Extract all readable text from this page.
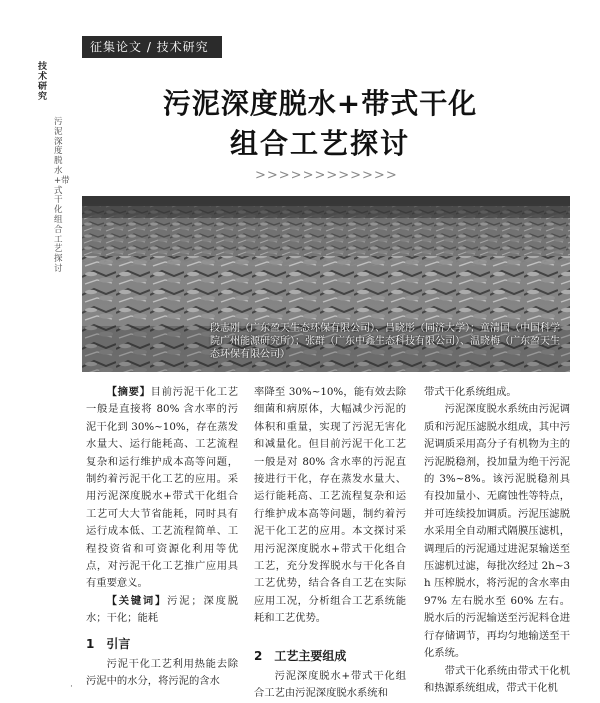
征集论文 / 技术研究
技术研究
污泥深度脱水+带式干化组合工艺探讨
污泥深度脱水+带式干化
组合工艺探讨
>>>>>>>>>>>>
段志刚（广东盈天生态环保有限公司）、吕晓彤（同济大学）；童清国（中国科学院广州能源研究所）；张群（广东中鑫生态科技有限公司）、温晓梅（广东盈天生态环保有限公司）

【摘要】目前污泥干化工艺一般是直接将 80% 含水率的污泥干化到 30%~10%，存在蒸发水量大、运行能耗高、工艺流程复杂和运行维护成本高等问题，制约着污泥干化工艺的应用。采用污泥深度脱水+带式干化组合工艺可大大节省能耗，同时具有运行成本低、工艺流程简单、工程投资省和可资源化利用等优点，对污泥干化工艺推广应用具有重要意义。

【关键词】污泥；深度脱水；干化；能耗

1　引言

污泥干化工艺利用热能去除污泥中的水分，将污泥的含水

率降至 30%~10%，能有效去除细菌和病原体，大幅减少污泥的体积和重量，实现了污泥无害化和减量化。但目前污泥干化工艺一般是对 80% 含水率的污泥直接进行干化，存在蒸发水量大、运行能耗高、工艺流程复杂和运行维护成本高等问题，制约着污泥干化工艺的应用。本文探讨采用污泥深度脱水+带式干化组合工艺，充分发挥脱水与干化各自工艺优势，结合各自工艺在实际应用工况，分析组合工艺系统能耗和工艺优势。

2　工艺主要组成

污泥深度脱水+带式干化组合工艺由污泥深度脱水系统和

带式干化系统组成。

污泥深度脱水系统由污泥调质和污泥压滤脱水组成，其中污泥调质采用高分子有机物为主的污泥脱稳剂，投加量为绝干污泥的 3%~8%。该污泥脱稳剂具有投加量小、无腐蚀性等特点，并可连续投加调质。污泥压滤脱水采用全自动厢式隔膜压滤机，调理后的污泥通过进泥泵输送至压滤机过滤，每批次经过 2h~3h 压榨脱水，将污泥的含水率由 97% 左右脱水至 60% 左右。脱水后的污泥输送至污泥料仓进行存储调节，再均匀地输送至干化系统。

带式干化系统由带式干化机和热源系统组成，带式干化机

·
